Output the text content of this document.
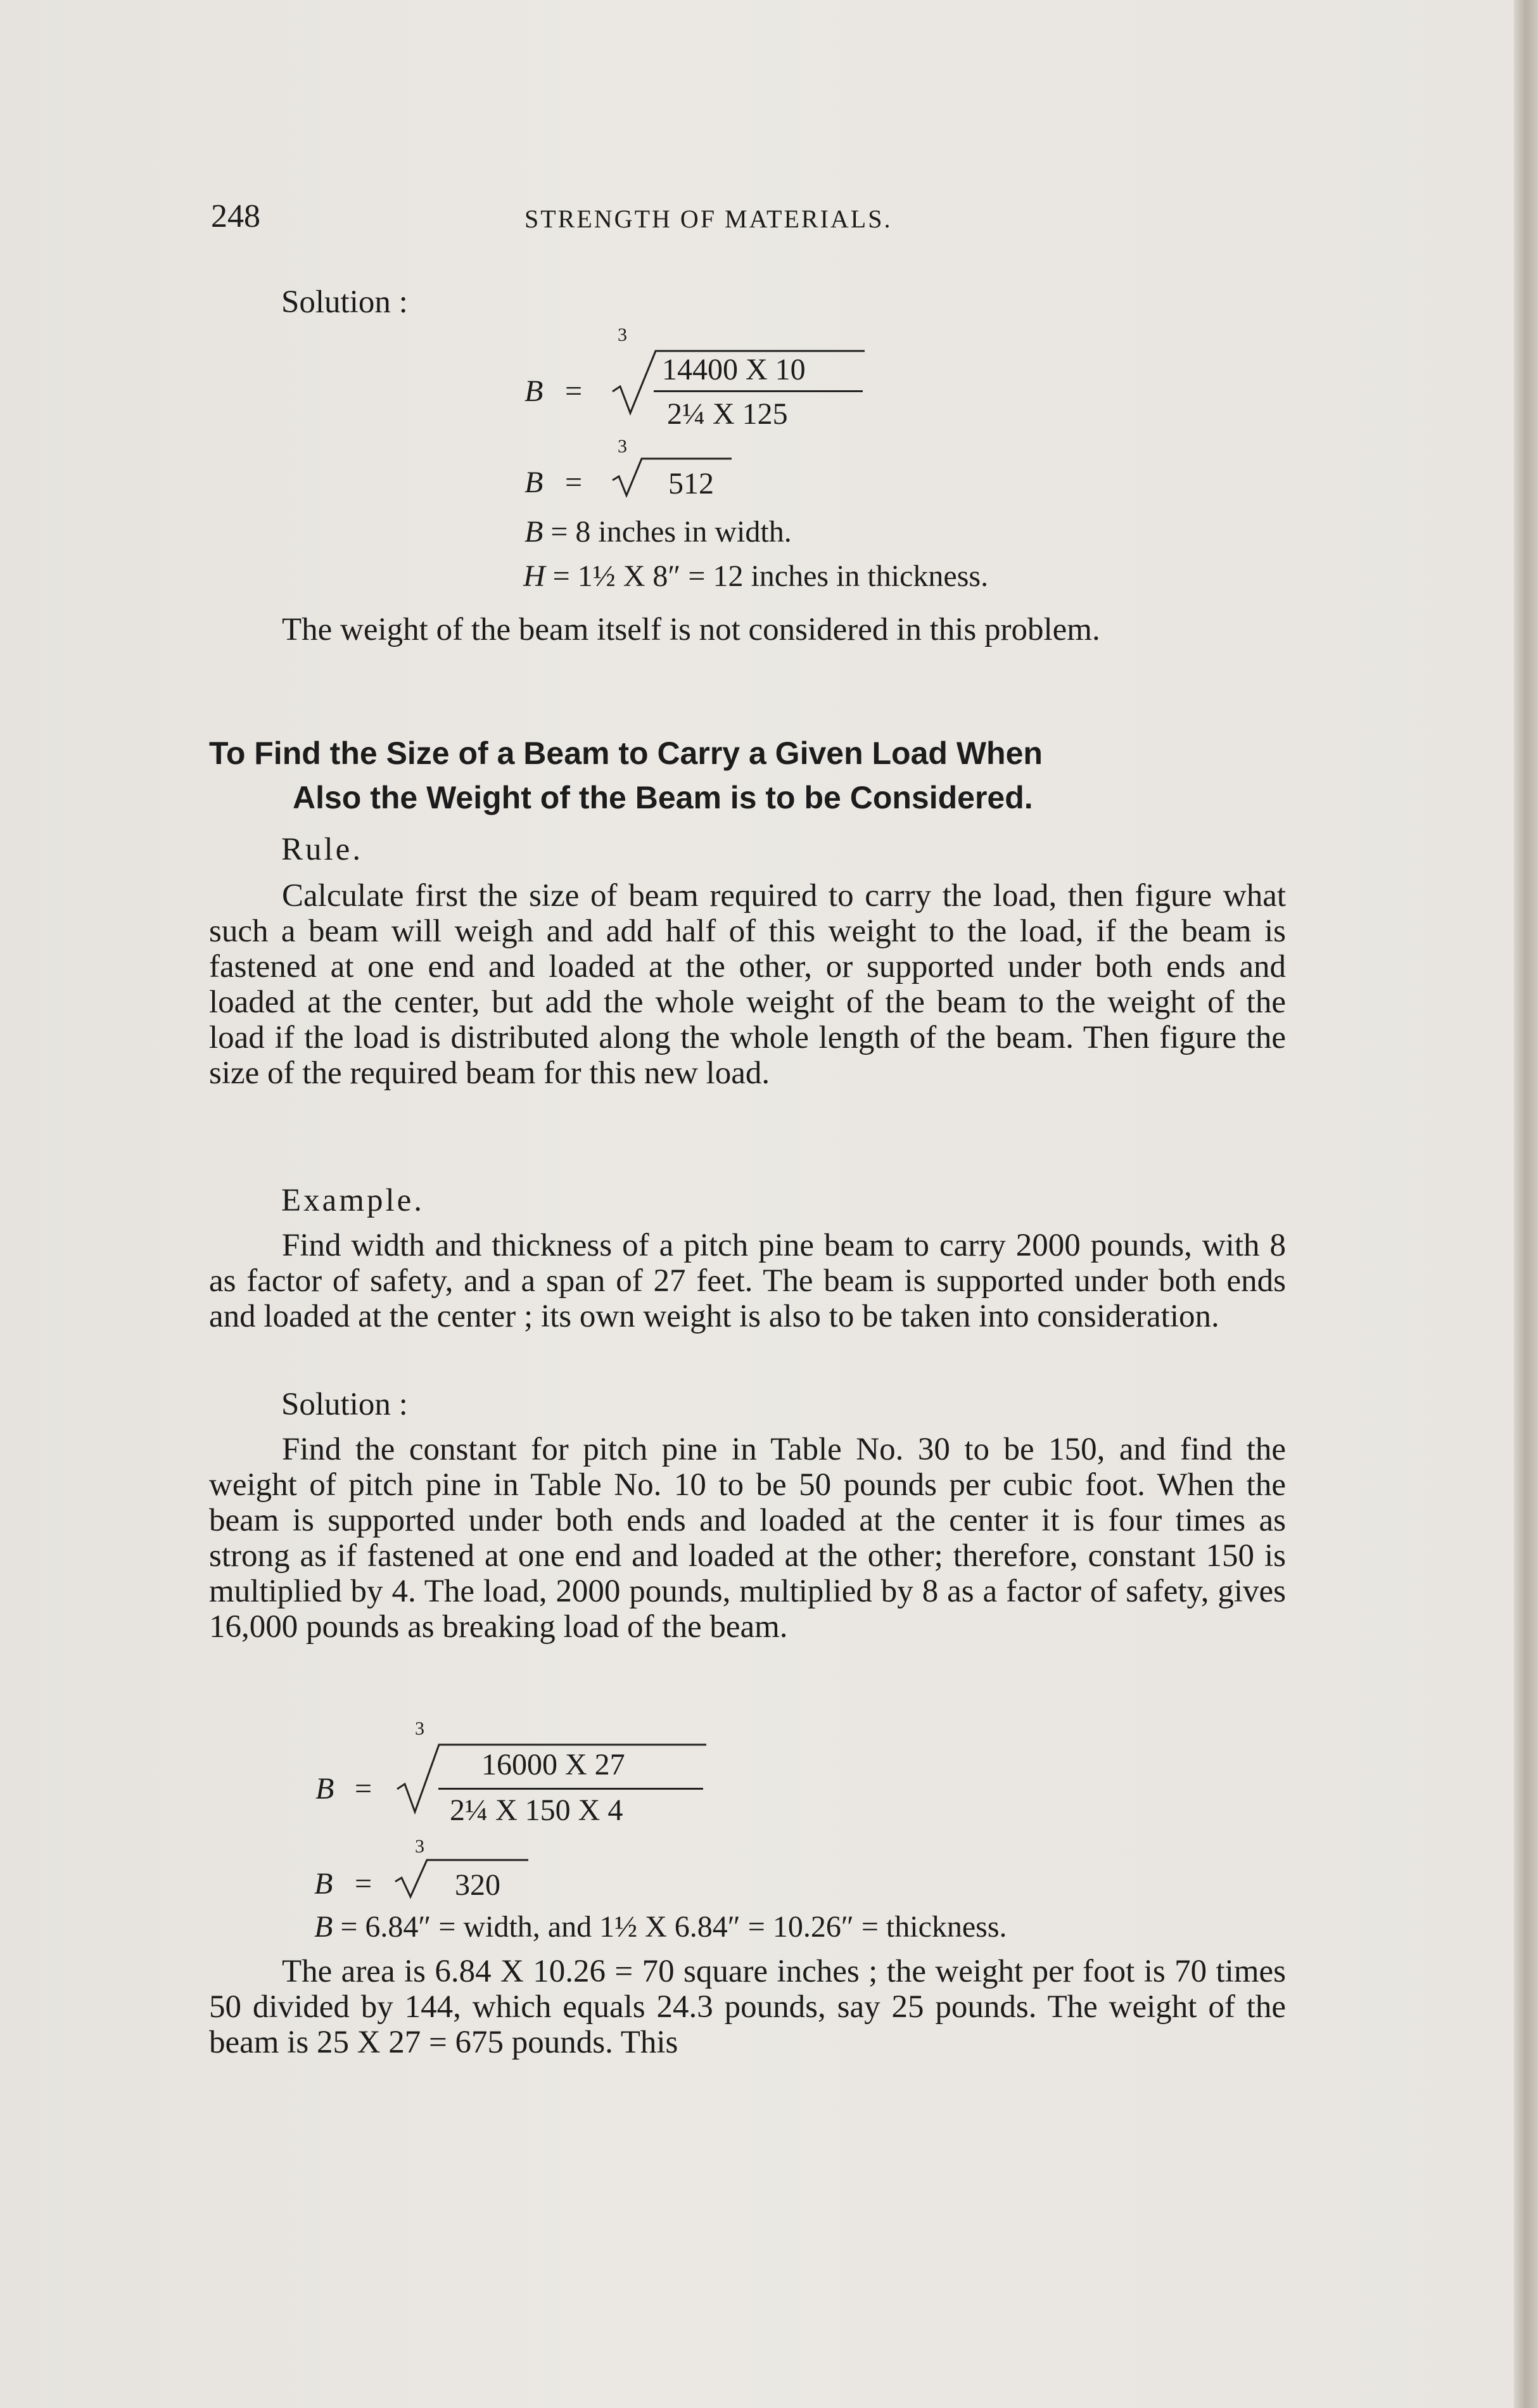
248	STRENGTH OF MATERIALS.
Solution :
3
B =
14400 X 10
2¼ X 125
3
B =	512
B = 8 inches in width.
H = 1½ X 8″ = 12 inches in thickness.
The weight of the beam itself is not considered in this problem.
To Find the Size of a Beam to Carry a Given Load When
Also the Weight of the Beam is to be Considered.
Rule.
Calculate first the size of beam required to carry the load, then figure what such a beam will weigh and add half of this weight to the load, if the beam is fastened at one end and loaded at the other, or supported under both ends and loaded at the center, but add the whole weight of the beam to the weight of the load if the load is distributed along the whole length of the beam. Then figure the size of the required beam for this new load.
Example.
Find width and thickness of a pitch pine beam to carry 2000 pounds, with 8 as factor of safety, and a span of 27 feet. The beam is supported under both ends and loaded at the center ; its own weight is also to be taken into consideration.
Solution :
Find the constant for pitch pine in Table No. 30 to be 150, and find the weight of pitch pine in Table No. 10 to be 50 pounds per cubic foot. When the beam is supported under both ends and loaded at the center it is four times as strong as if fastened at one end and loaded at the other; therefore, constant 150 is multiplied by 4. The load, 2000 pounds, multiplied by 8 as a factor of safety, gives 16,000 pounds as breaking load of the beam.
3
B =
16000 X 27
2¼ X 150 X 4
3
B =	320
B = 6.84″ = width, and 1½ X 6.84″ = 10.26″ = thickness.
The area is 6.84 X 10.26 = 70 square inches ; the weight per foot is 70 times 50 divided by 144, which equals 24.3 pounds, say 25 pounds. The weight of the beam is 25 X 27 = 675 pounds. This
